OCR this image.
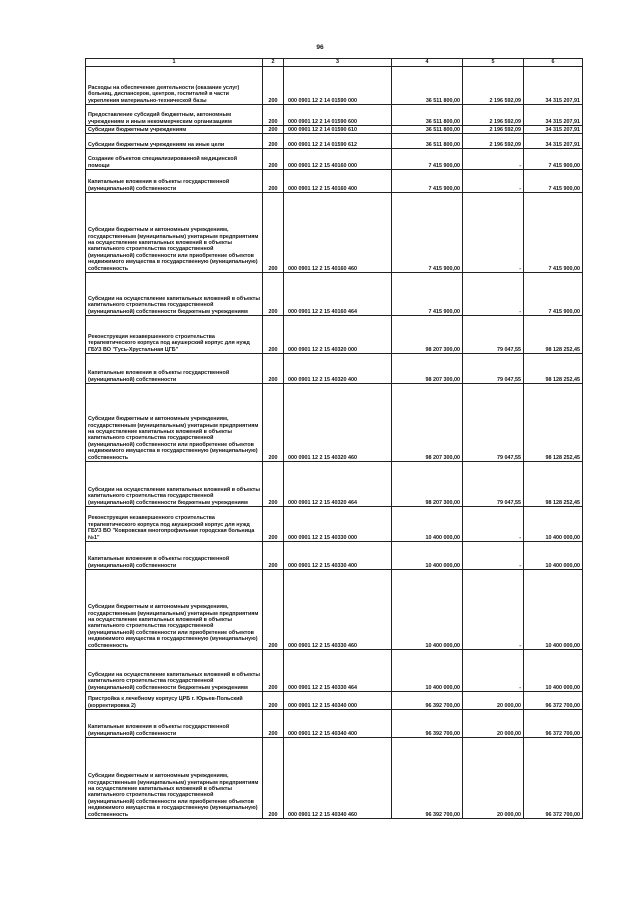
96
1	2	3	4	5	6
Расходы на обеспечение деятельности (оказание услуг) больниц, диспансеров, центров, госпиталей в части укрепления материально-технической базы	200	000 0901 12 2 14 01590 000	36 511 800,00	2 196 592,09	34 315 207,91
Предоставление субсидий бюджетным, автономным учреждениям и иным некоммерческим организациям	200	000 0901 12 2 14 01590 600	36 511 800,00	2 196 592,09	34 315 207,91
Субсидии бюджетным учреждениям	200	000 0901 12 2 14 01590 610	36 511 800,00	2 196 592,09	34 315 207,91
Субсидии бюджетным учреждениям на иные цели	200	000 0901 12 2 14 01590 612	36 511 800,00	2 196 592,09	34 315 207,91
Создание объектов специализированной медицинской помощи	200	000 0901 12 2 15 40160 000	7 415 900,00	-	7 415 900,00
Капитальные вложения в объекты государственной (муниципальной) собственности	200	000 0901 12 2 15 40160 400	7 415 900,00	-	7 415 900,00
Субсидии бюджетным и автономным учреждениям, государственным (муниципальным) унитарным предприятиям на осуществление капитальных вложений в объекты капитального строительства государственной (муниципальной) собственности или приобретение объектов недвижимого имущества в государственную (муниципальную) собственность	200	000 0901 12 2 15 40160 460	7 415 900,00	-	7 415 900,00
Субсидии на осуществление капитальных вложений в объекты капитального строительства государственной (муниципальной) собственности бюджетным учреждениям	200	000 0901 12 2 15 40160 464	7 415 900,00	-	7 415 900,00
Реконструкция незавершенного строительства терапевтического корпуса под акушерский корпус для нужд ГБУЗ ВО "Гусь-Хрустальная ЦГБ"	200	000 0901 12 2 15 40320 000	98 207 300,00	79 047,55	98 128 252,45
Капитальные вложения в объекты государственной (муниципальной) собственности	200	000 0901 12 2 15 40320 400	98 207 300,00	79 047,55	98 128 252,45
Субсидии бюджетным и автономным учреждениям, государственным (муниципальным) унитарным предприятиям на осуществление капитальных вложений в объекты капитального строительства государственной (муниципальной) собственности или приобретение объектов недвижимого имущества в государственную (муниципальную) собственность	200	000 0901 12 2 15 40320 460	98 207 300,00	79 047,55	98 128 252,45
Субсидии на осуществление капитальных вложений в объекты капитального строительства государственной (муниципальной) собственности бюджетным учреждениям	200	000 0901 12 2 15 40320 464	98 207 300,00	79 047,55	98 128 252,45
Реконструкция незавершенного строительства терапевтического корпуса под акушерский корпус для нужд ГБУЗ ВО "Ковровская многопрофильная городская больница №1"	200	000 0901 12 2 15 40330 000	10 400 000,00	-	10 400 000,00
Капитальные вложения в объекты государственной (муниципальной) собственности	200	000 0901 12 2 15 40330 400	10 400 000,00	-	10 400 000,00
Субсидии бюджетным и автономным учреждениям, государственным (муниципальным) унитарным предприятиям на осуществление капитальных вложений в объекты капитального строительства государственной (муниципальной) собственности или приобретение объектов недвижимого имущества в государственную (муниципальную) собственность	200	000 0901 12 2 15 40330 460	10 400 000,00	-	10 400 000,00
Субсидии на осуществление капитальных вложений в объекты капитального строительства государственной (муниципальной) собственности бюджетным учреждениям	200	000 0901 12 2 15 40330 464	10 400 000,00	-	10 400 000,00
Пристройка к лечебному корпусу ЦРБ г. Юрьев-Польский (корректировка 2)	200	000 0901 12 2 15 40340 000	96 392 700,00	20 000,00	96 372 700,00
Капитальные вложения в объекты государственной (муниципальной) собственности	200	000 0901 12 2 15 40340 400	96 392 700,00	20 000,00	96 372 700,00
Субсидии бюджетным и автономным учреждениям, государственным (муниципальным) унитарным предприятиям на осуществление капитальных вложений в объекты капитального строительства государственной (муниципальной) собственности или приобретение объектов недвижимого имущества в государственную (муниципальную) собственность	200	000 0901 12 2 15 40340 460	96 392 700,00	20 000,00	96 372 700,00
